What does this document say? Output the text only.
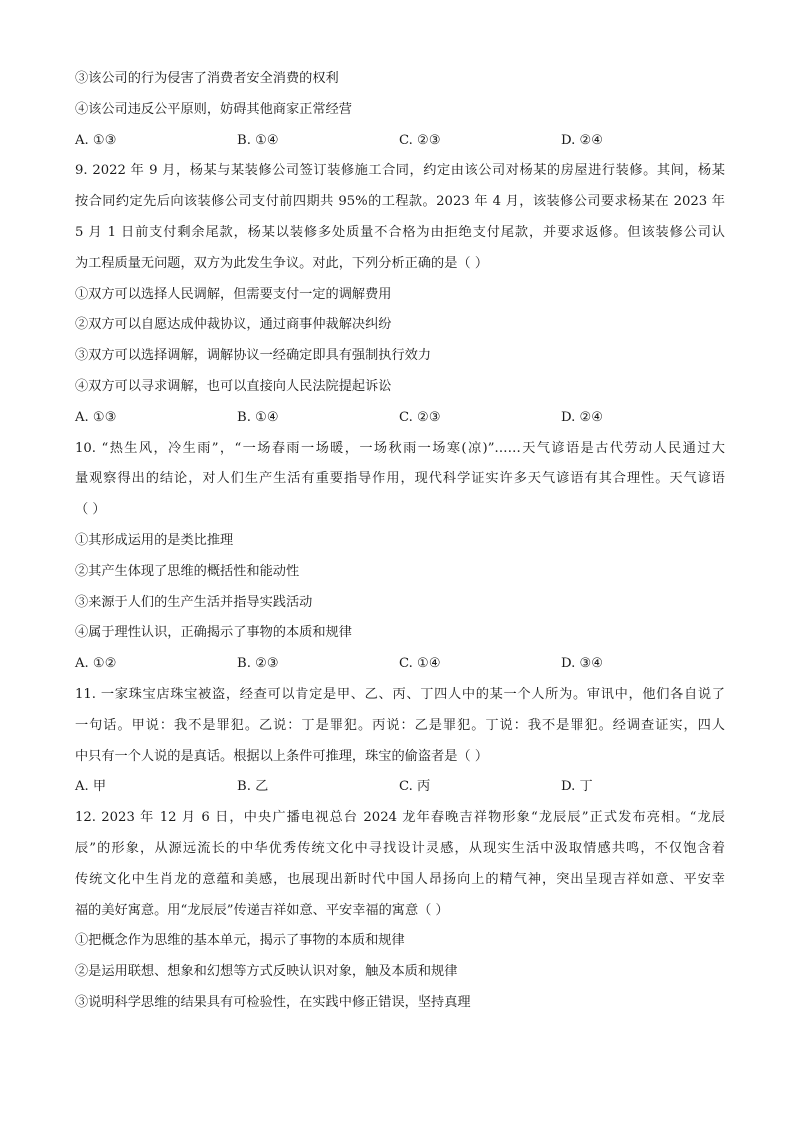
③该公司的行为侵害了消费者安全消费的权利
④该公司违反公平原则，妨碍其他商家正常经营
A. ①③	B. ①④	C. ②③	D. ②④
9. 2022 年 9 月，杨某与某装修公司签订装修施工合同，约定由该公司对杨某的房屋进行装修。其间，杨某
按合同约定先后向该装修公司支付前四期共 95%的工程款。2023 年 4 月，该装修公司要求杨某在 2023 年
5 月 1 日前支付剩余尾款，杨某以装修多处质量不合格为由拒绝支付尾款，并要求返修。但该装修公司认
为工程质量无问题，双方为此发生争议。对此，下列分析正确的是（ ）
①双方可以选择人民调解，但需要支付一定的调解费用
②双方可以自愿达成仲裁协议，通过商事仲裁解决纠纷
③双方可以选择调解，调解协议一经确定即具有强制执行效力
④双方可以寻求调解，也可以直接向人民法院提起诉讼
A. ①③	B. ①④	C. ②③	D. ②④
10. “热生风，冷生雨”，“一场春雨一场暖，一场秋雨一场寒(凉)”……天气谚语是古代劳动人民通过大
量观察得出的结论，对人们生产生活有重要指导作用，现代科学证实许多天气谚语有其合理性。天气谚语
（ ）
①其形成运用的是类比推理
②其产生体现了思维的概括性和能动性
③来源于人们的生产生活并指导实践活动
④属于理性认识，正确揭示了事物的本质和规律
A. ①②	B. ②③	C. ①④	D. ③④
11. 一家珠宝店珠宝被盗，经查可以肯定是甲、乙、丙、丁四人中的某一个人所为。审讯中，他们各自说了
一句话。甲说：我不是罪犯。乙说：丁是罪犯。丙说：乙是罪犯。丁说：我不是罪犯。经调查证实，四人
中只有一个人说的是真话。根据以上条件可推理，珠宝的偷盗者是（ ）
A. 甲	B. 乙	C. 丙	D. 丁
12. 2023 年 12 月 6 日，中央广播电视总台 2024 龙年春晚吉祥物形象“龙辰辰”正式发布亮相。“龙辰
辰”的形象，从源远流长的中华优秀传统文化中寻找设计灵感，从现实生活中汲取情感共鸣，不仅饱含着
传统文化中生肖龙的意蕴和美感，也展现出新时代中国人昂扬向上的精气神，突出呈现吉祥如意、平安幸
福的美好寓意。用“龙辰辰”传递吉祥如意、平安幸福的寓意（ ）
①把概念作为思维的基本单元，揭示了事物的本质和规律
②是运用联想、想象和幻想等方式反映认识对象，触及本质和规律
③说明科学思维的结果具有可检验性，在实践中修正错误，坚持真理
